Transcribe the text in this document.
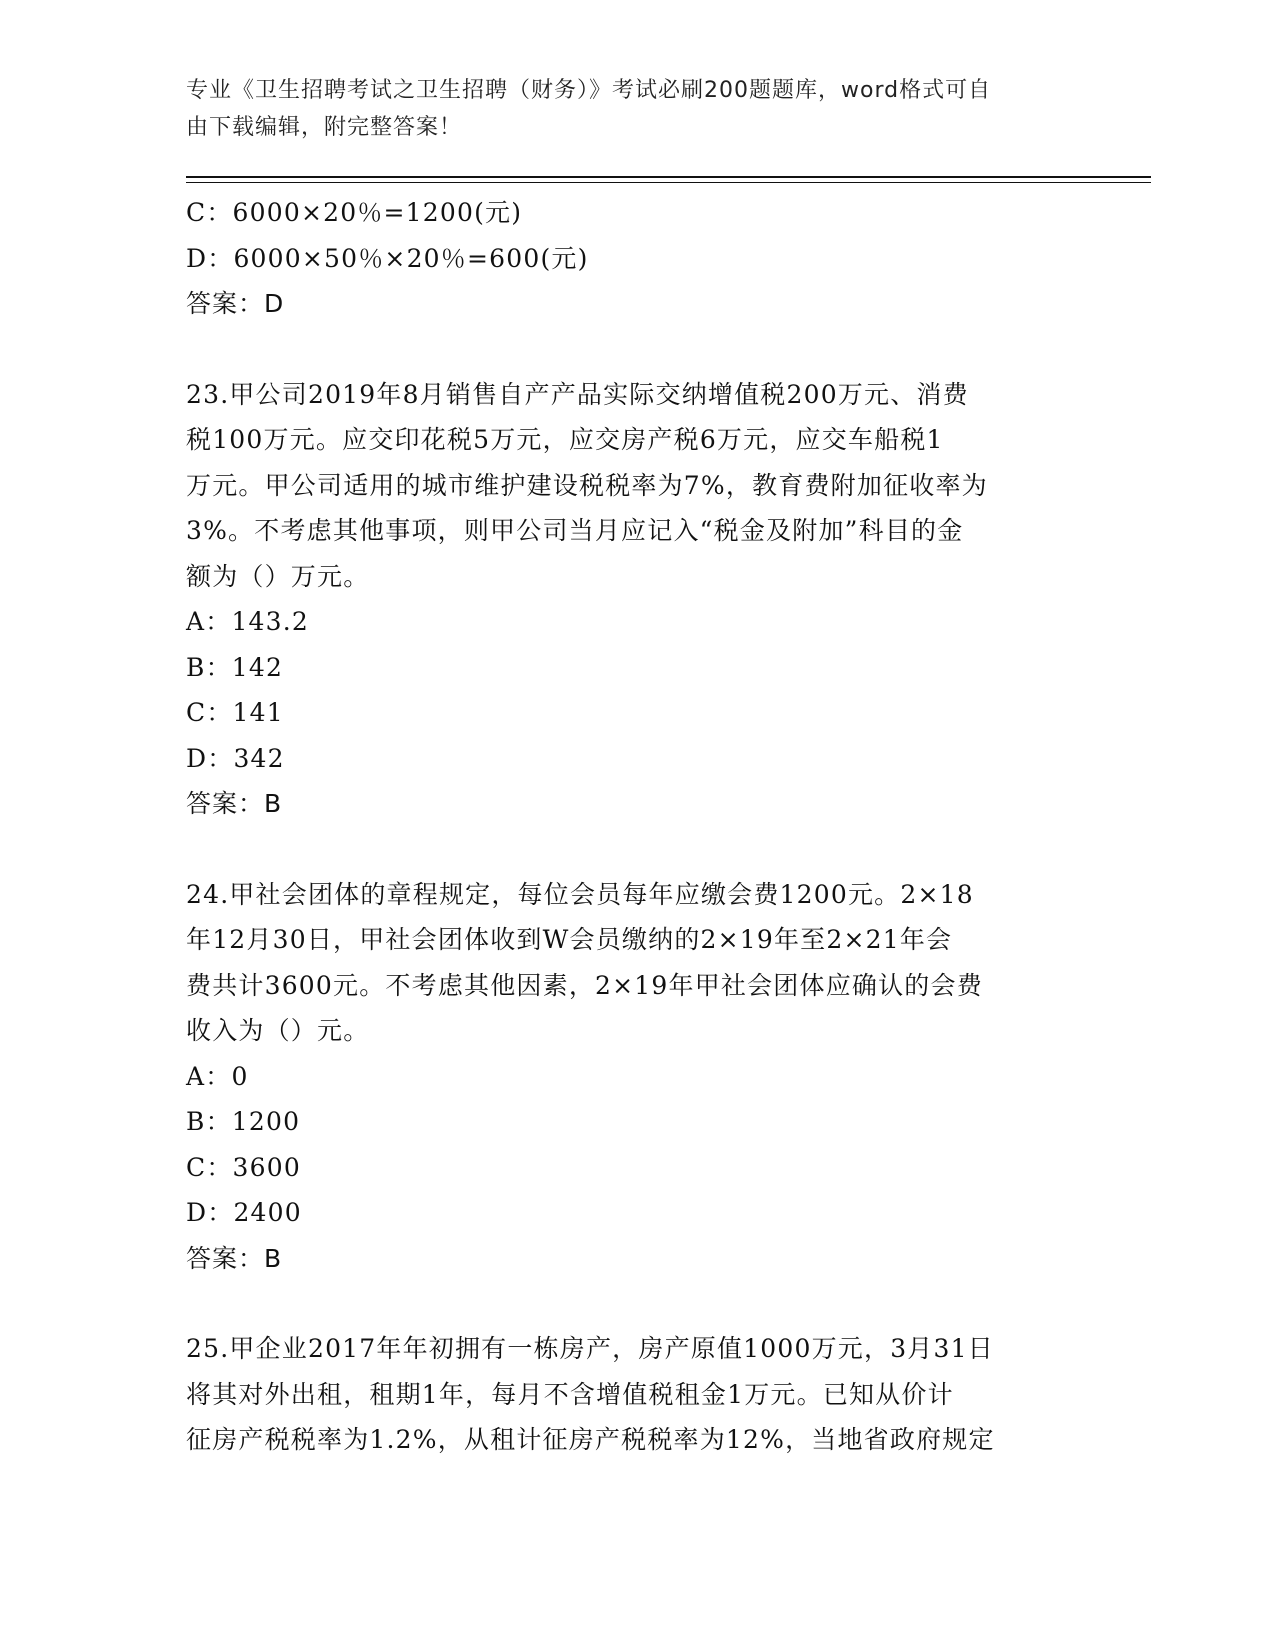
专业《卫生招聘考试之卫生招聘（财务）》考试必刷200题题库，word格式可自
由下载编辑，附完整答案！
C：6000×20％=1200(元)
D：6000×50％×20％=600(元)
答案：D
23.甲公司2019年8月销售自产产品实际交纳增值税200万元、消费
税100万元。应交印花税5万元，应交房产税6万元，应交车船税1
万元。甲公司适用的城市维护建设税税率为7%，教育费附加征收率为
3%。不考虑其他事项，则甲公司当月应记入“税金及附加”科目的金
额为（）万元。
A：143.2
B：142
C：141
D：342
答案：B
24.甲社会团体的章程规定，每位会员每年应缴会费1200元。2×18
年12月30日，甲社会团体收到W会员缴纳的2×19年至2×21年会
费共计3600元。不考虑其他因素，2×19年甲社会团体应确认的会费
收入为（）元。
A：0
B：1200
C：3600
D：2400
答案：B
25.甲企业2017年年初拥有一栋房产，房产原值1000万元，3月31日
将其对外出租，租期1年，每月不含增值税租金1万元。已知从价计
征房产税税率为1.2%，从租计征房产税税率为12%，当地省政府规定
